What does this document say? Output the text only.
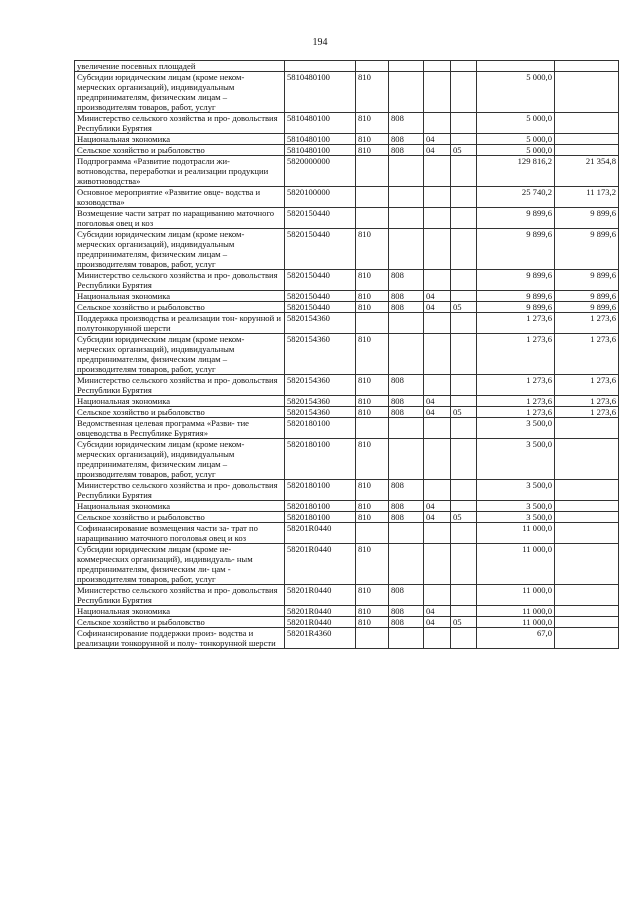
194
увеличение посевных площадей							
Субсидии юридическим лицам (кроме неком- мерческих организаций), индивидуальным предпринимателям, физическим лицам – производителям товаров, работ, услуг	5810480100	810				5 000,0	
Министерство сельского хозяйства и про- довольствия Республики Бурятия	5810480100	810	808			5 000,0	
Национальная экономика	5810480100	810	808	04		5 000,0	
Сельское хозяйство и рыболовство	5810480100	810	808	04	05	5 000,0	
Подпрограмма «Развитие подотрасли жи- вотноводства, переработки и реализации продукции животноводства»	5820000000					129 816,2	21 354,8
Основное мероприятие «Развитие овце- водства и козоводства»	5820100000					25 740,2	11 173,2
Возмещение части затрат по наращиванию маточного поголовья овец и коз	5820150440					9 899,6	9 899,6
Субсидии юридическим лицам (кроме неком- мерческих организаций), индивидуальным предпринимателям, физическим лицам – производителям товаров, работ, услуг	5820150440	810				9 899,6	9 899,6
Министерство сельского хозяйства и про- довольствия Республики Бурятия	5820150440	810	808			9 899,6	9 899,6
Национальная экономика	5820150440	810	808	04		9 899,6	9 899,6
Сельское хозяйство и рыболовство	5820150440	810	808	04	05	9 899,6	9 899,6
Поддержка производства и реализации тон- корунной и полутонкорунной шерсти	5820154360					1 273,6	1 273,6
Субсидии юридическим лицам (кроме неком- мерческих организаций), индивидуальным предпринимателям, физическим лицам – производителям товаров, работ, услуг	5820154360	810				1 273,6	1 273,6
Министерство сельского хозяйства и про- довольствия Республики Бурятия	5820154360	810	808			1 273,6	1 273,6
Национальная экономика	5820154360	810	808	04		1 273,6	1 273,6
Сельское хозяйство и рыболовство	5820154360	810	808	04	05	1 273,6	1 273,6
Ведомственная целевая программа «Разви- тие овцеводства в Республике Бурятия»	5820180100					3 500,0	
Субсидии юридическим лицам (кроме неком- мерческих организаций), индивидуальным предпринимателям, физическим лицам – производителям товаров, работ, услуг	5820180100	810				3 500,0	
Министерство сельского хозяйства и про- довольствия Республики Бурятия	5820180100	810	808			3 500,0	
Национальная экономика	5820180100	810	808	04		3 500,0	
Сельское хозяйство и рыболовство	5820180100	810	808	04	05	3 500,0	
Софинансирование возмещения части за- трат по наращиванию маточного поголовья овец и коз	58201R0440					11 000,0	
Субсидии юридическим лицам (кроме не- коммерческих организаций), индивидуаль- ным предпринимателям, физическим ли- цам - производителям товаров, работ, услуг	58201R0440	810				11 000,0	
Министерство сельского хозяйства и про- довольствия Республики Бурятия	58201R0440	810	808			11 000,0	
Национальная экономика	58201R0440	810	808	04		11 000,0	
Сельское хозяйство и рыболовство	58201R0440	810	808	04	05	11 000,0	
Софинансирование поддержки произ- водства и реализации тонкорунной и полу- тонкорунной шерсти	58201R4360					67,0	
